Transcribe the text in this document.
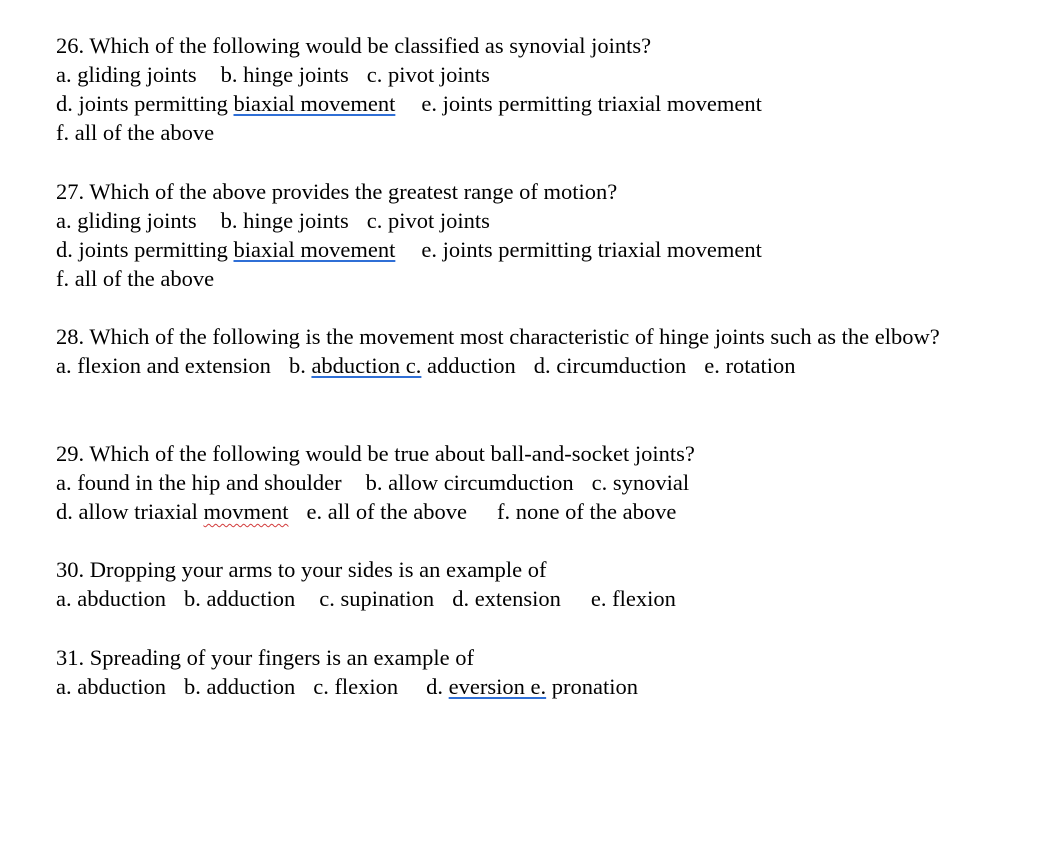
26. Which of the following would be classified as synovial joints?
a. gliding joints b. hinge joints c. pivot joints
d. joints permitting biaxial movement e. joints permitting triaxial movement
f. all of the above
27. Which of the above provides the greatest range of motion?
a. gliding joints b. hinge joints c. pivot joints
d. joints permitting biaxial movement e. joints permitting triaxial movement
f. all of the above
28. Which of the following is the movement most characteristic of hinge joints such as the elbow?
a. flexion and extension b. abduction c. adduction d. circumduction e. rotation
29. Which of the following would be true about ball-and-socket joints?
a. found in the hip and shoulder b. allow circumduction c. synovial
d. allow triaxial movment e. all of the above f. none of the above
30. Dropping your arms to your sides is an example of
a. abduction b. adduction c. supination d. extension e. flexion
31. Spreading of your fingers is an example of
a. abduction b. adduction c. flexion d. eversion e. pronation
